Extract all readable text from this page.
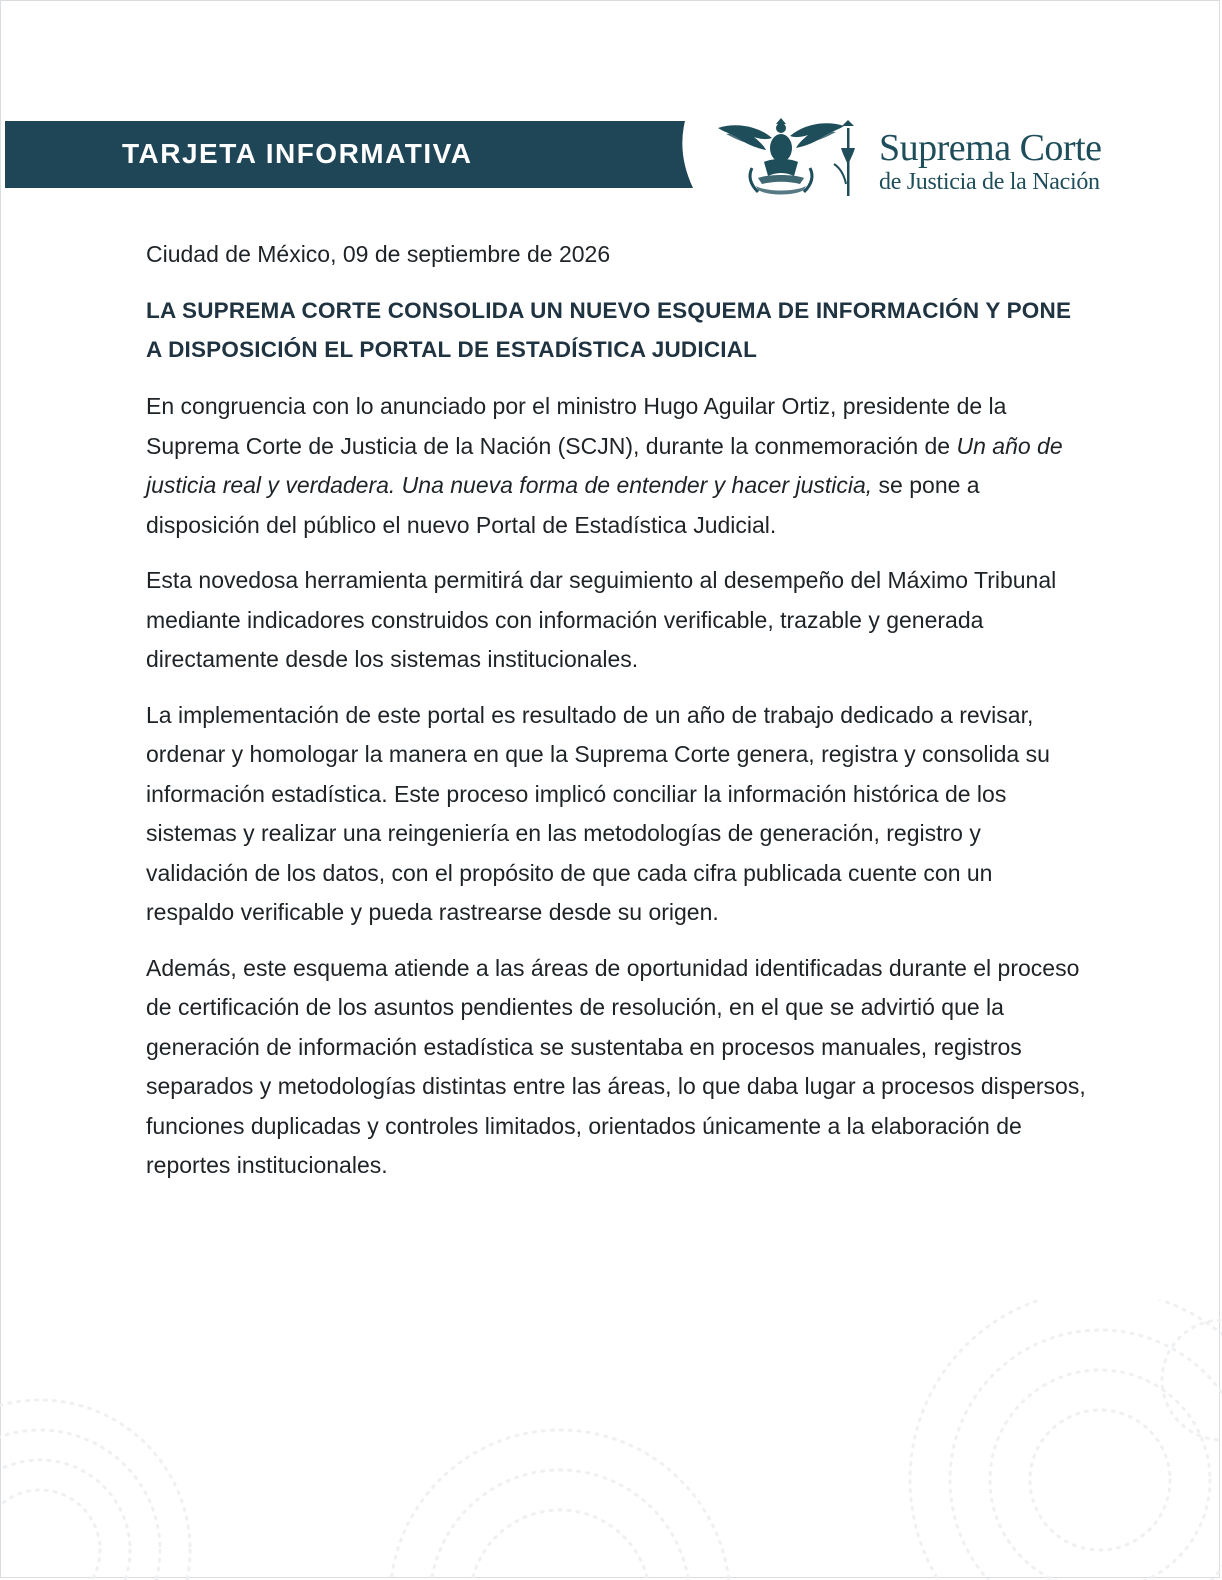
TARJETA INFORMATIVA	Suprema Corte
de Justicia de la Nación
Ciudad de México, 09 de septiembre de 2026
LA SUPREMA CORTE CONSOLIDA UN NUEVO ESQUEMA DE INFORMACIÓN Y PONE A DISPOSICIÓN EL PORTAL DE ESTADÍSTICA JUDICIAL

En congruencia con lo anunciado por el ministro Hugo Aguilar Ortiz, presidente de la Suprema Corte de Justicia de la Nación (SCJN), durante la conmemoración de Un año de justicia real y verdadera. Una nueva forma de entender y hacer justicia, se pone a disposición del público el nuevo Portal de Estadística Judicial.

Esta novedosa herramienta permitirá dar seguimiento al desempeño del Máximo Tribunal mediante indicadores construidos con información verificable, trazable y generada directamente desde los sistemas institucionales.

La implementación de este portal es resultado de un año de trabajo dedicado a revisar, ordenar y homologar la manera en que la Suprema Corte genera, registra y consolida su información estadística. Este proceso implicó conciliar la información histórica de los sistemas y realizar una reingeniería en las metodologías de generación, registro y validación de los datos, con el propósito de que cada cifra publicada cuente con un respaldo verificable y pueda rastrearse desde su origen.

Además, este esquema atiende a las áreas de oportunidad identificadas durante el proceso de certificación de los asuntos pendientes de resolución, en el que se advirtió que la generación de información estadística se sustentaba en procesos manuales, registros separados y metodologías distintas entre las áreas, lo que daba lugar a procesos dispersos, funciones duplicadas y controles limitados, orientados únicamente a la elaboración de reportes institucionales.
